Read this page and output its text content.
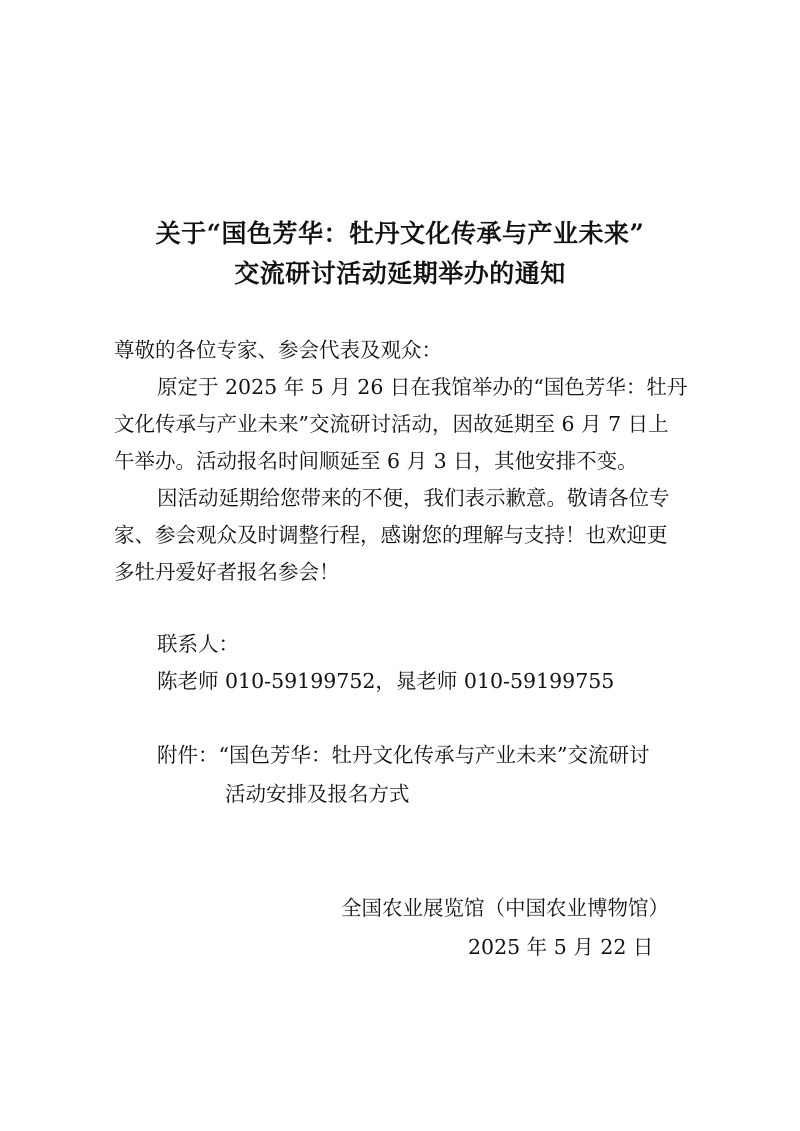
关于“国色芳华：牡丹文化传承与产业未来”
交流研讨活动延期举办的通知
尊敬的各位专家、参会代表及观众：
原定于 2025 年 5 月 26 日在我馆举办的“国色芳华：牡丹
文化传承与产业未来”交流研讨活动，因故延期至 6 月 7 日上
午举办。活动报名时间顺延至 6 月 3 日，其他安排不变。
因活动延期给您带来的不便，我们表示歉意。敬请各位专
家、参会观众及时调整行程，感谢您的理解与支持！也欢迎更
多牡丹爱好者报名参会！
联系人：
陈老师 010-59199752，晁老师 010-59199755
附件：“国色芳华：牡丹文化传承与产业未来”交流研讨
活动安排及报名方式
全国农业展览馆（中国农业博物馆）
2025 年 5 月 22 日
